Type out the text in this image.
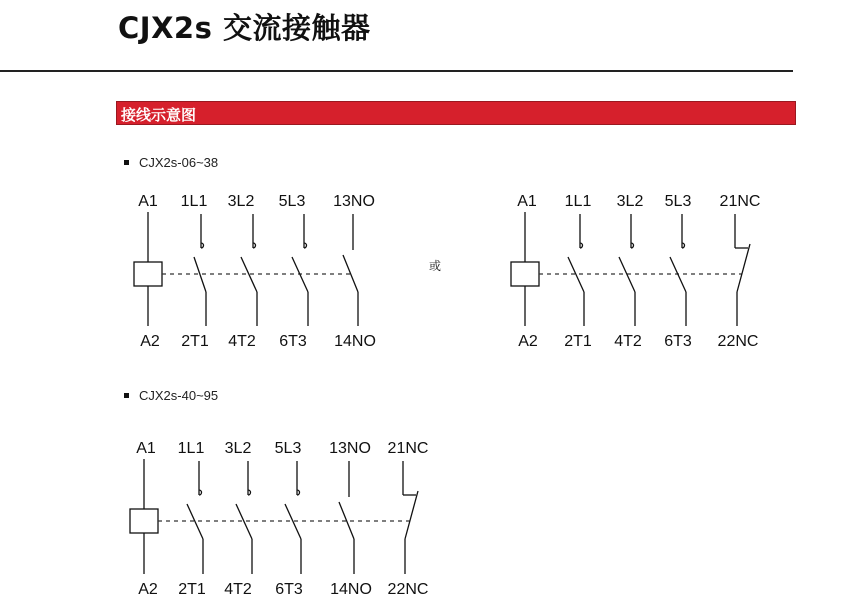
CJX2s 交流接触器
接线示意图
CJX2s-06~38
或
CJX2s-40~95
A1 1L1 3L2 5L3 13NO
A2 2T1 4T2 6T3 14NO
A1 1L1 3L2 5L3 21NC
A2 2T1 4T2 6T3 22NC
A1 1L1 3L2 5L3 13NO 21NC
A2 2T1 4T2 6T3 14NO 22NC
